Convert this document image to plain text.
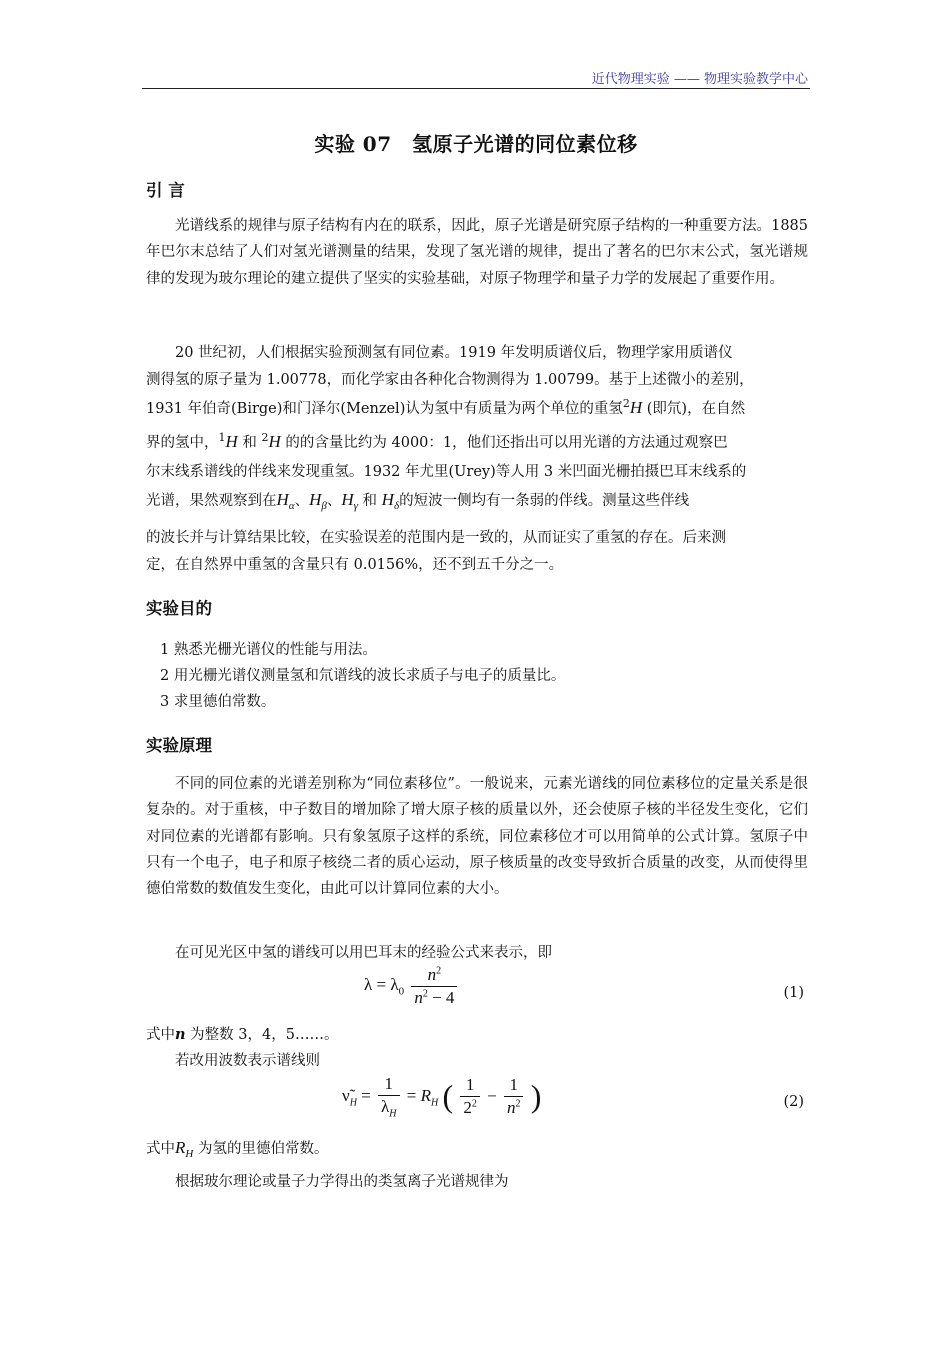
近代物理实验 —— 物理实验教学中心
实验 07　氢原子光谱的同位素位移
引 言

光谱线系的规律与原子结构有内在的联系，因此，原子光谱是研究原子结构的一种重要方法。1885 年巴尔末总结了人们对氢光谱测量的结果，发现了氢光谱的规律，提出了著名的巴尔末公式，氢光谱规律的发现为玻尔理论的建立提供了坚实的实验基础，对原子物理学和量子力学的发展起了重要作用。

20 世纪初，人们根据实验预测氢有同位素。1919 年发明质谱仪后，物理学家用质谱仪
测得氢的原子量为 1.00778，而化学家由各种化合物测得为 1.00799。基于上述微小的差别，
1931 年伯奇(Birge)和门泽尔(Menzel)认为氢中有质量为两个单位的重氢$^2$H (即氘)，在自然
界的氢中，$^1$H 和 $^2$H 的的含量比约为 4000：1，他们还指出可以用光谱的方法通过观察巴
尔末线系谱线的伴线来发现重氢。1932 年尤里(Urey)等人用 3 米凹面光栅拍摄巴耳末线系的
光谱，果然观察到在$H_\alpha$、$H_\beta$、$H_\gamma$ 和 $H_\delta$的短波一侧均有一条弱的伴线。测量这些伴线
的波长并与计算结果比较，在实验误差的范围内是一致的，从而证实了重氢的存在。后来测
定，在自然界中重氢的含量只有 0.0156%，还不到五千分之一。
实验目的
1 熟悉光栅光谱仪的性能与用法。
2 用光栅光谱仪测量氢和氘谱线的波长求质子与电子的质量比。
3 求里德伯常数。
实验原理

不同的同位素的光谱差别称为“同位素移位”。一般说来，元素光谱线的同位素移位的定量关系是很复杂的。对于重核，中子数目的增加除了增大原子核的质量以外，还会使原子核的半径发生变化，它们对同位素的光谱都有影响。只有象氢原子这样的系统，同位素移位才可以用简单的公式计算。氢原子中只有一个电子，电子和原子核绕二者的质心运动，原子核质量的改变导致折合质量的改变，从而使得里德伯常数的数值发生变化，由此可以计算同位素的大小。

在可见光区中氢的谱线可以用巴耳末的经验公式来表示，即
$\lambda = \lambda_0 \frac{n^2}{n^2 - 4}$	(1)
式中n 为整数 3，4，5……。
若改用波数表示谱线则
$\nũ_H = \frac{1}{\lambda_H} = R_H$ ( $\frac{1}{2^2} - \frac{1}{n^2}$ )	(2)
式中$R_H$ 为氢的里德伯常数。
根据玻尔理论或量子力学得出的类氢离子光谱规律为
